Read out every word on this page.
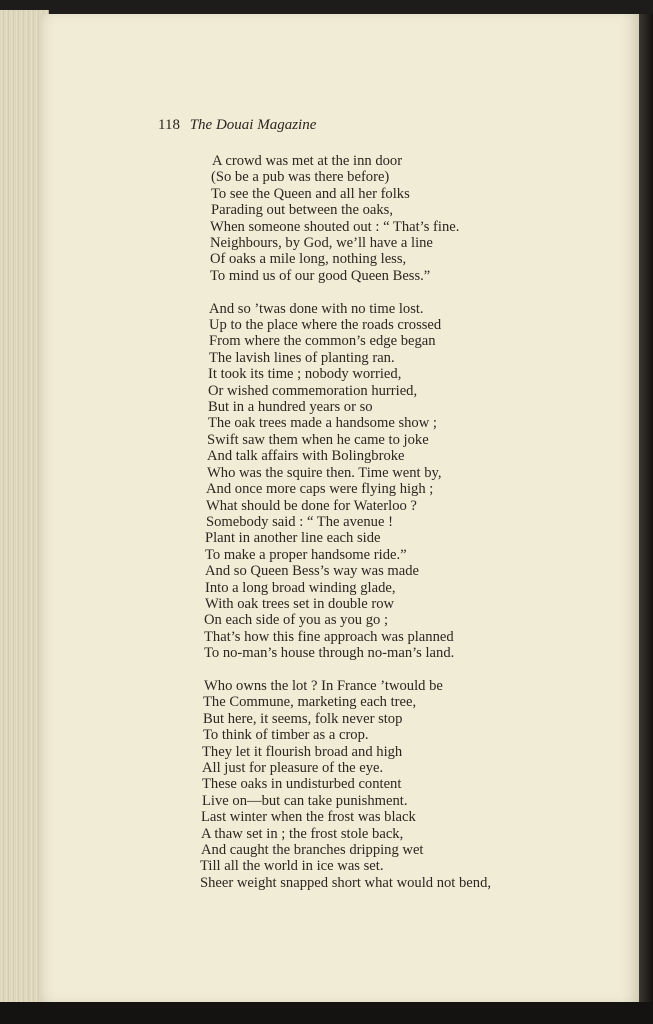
118 The Douai Magazine
A crowd was met at the inn door
(So be a pub was there before)
To see the Queen and all her folks
Parading out between the oaks,
When someone shouted out : “ That’s fine.
Neighbours, by God, we’ll have a line
Of oaks a mile long, nothing less,
To mind us of our good Queen Bess.”
And so ’twas done with no time lost.
Up to the place where the roads crossed
From where the common’s edge began
The lavish lines of planting ran.
It took its time ; nobody worried,
Or wished commemoration hurried,
But in a hundred years or so
The oak trees made a handsome show ;
Swift saw them when he came to joke
And talk affairs with Bolingbroke
Who was the squire then. Time went by,
And once more caps were flying high ;
What should be done for Waterloo ?
Somebody said : “ The avenue !
Plant in another line each side
To make a proper handsome ride.”
And so Queen Bess’s way was made
Into a long broad winding glade,
With oak trees set in double row
On each side of you as you go ;
That’s how this fine approach was planned
To no-man’s house through no-man’s land.
Who owns the lot ? In France ’twould be
The Commune, marketing each tree,
But here, it seems, folk never stop
To think of timber as a crop.
They let it flourish broad and high
All just for pleasure of the eye.
These oaks in undisturbed content
Live on—but can take punishment.
Last winter when the frost was black
A thaw set in ; the frost stole back,
And caught the branches dripping wet
Till all the world in ice was set.
Sheer weight snapped short what would not bend,
